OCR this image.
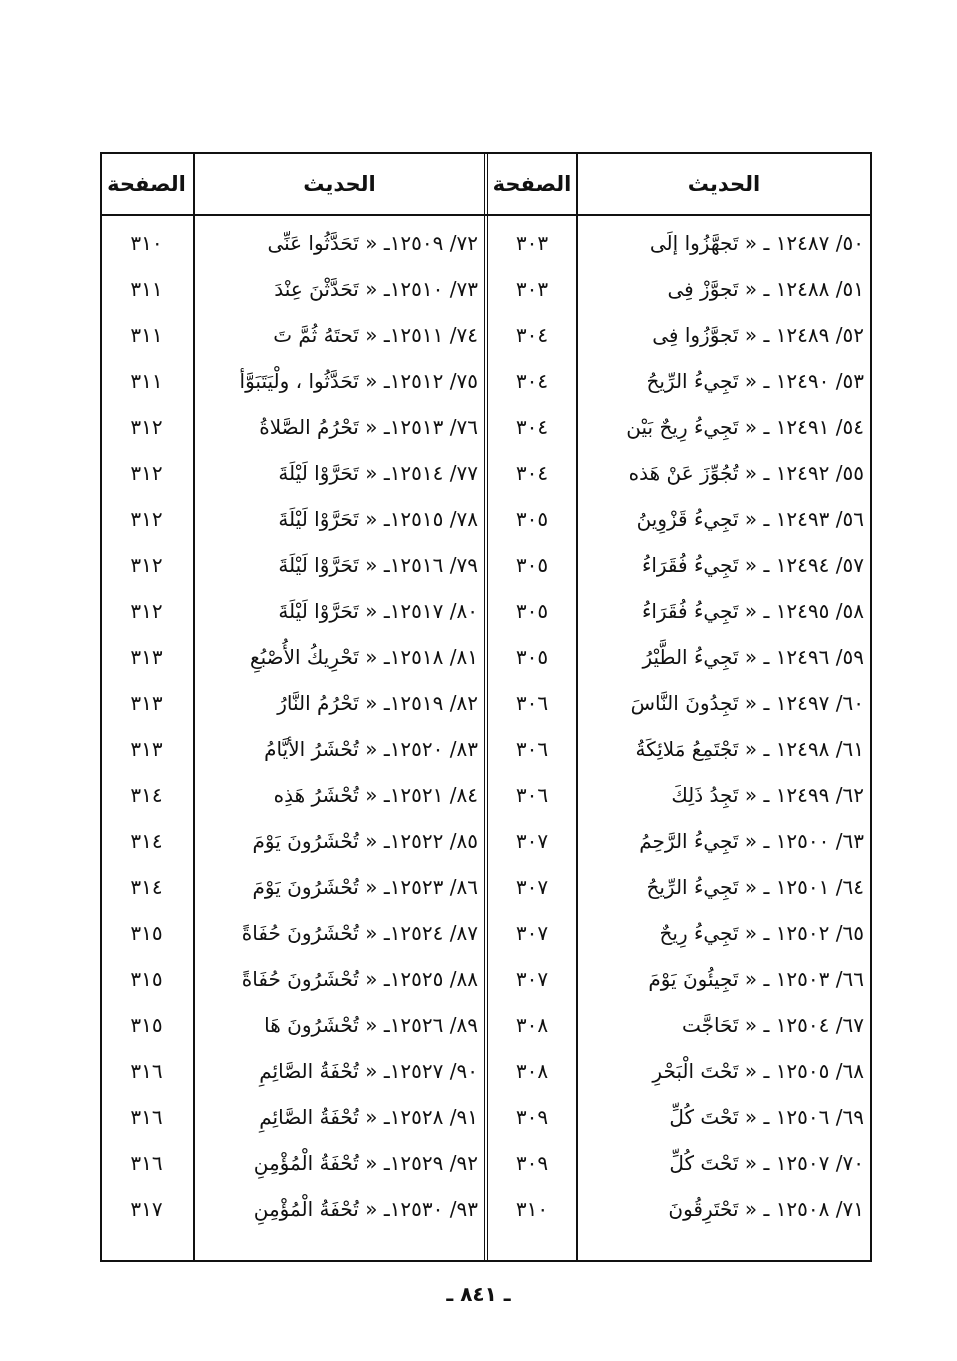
الحديث
الصفحة
الحديث
الصفحة
٥٠/ ١٢٤٨٧ ـ « تَجهَّزُوا إلَى
٣٠٣
٥١/ ١٢٤٨٨ ـ « تَجوَّزْ فِى
٣٠٣
٥٢/ ١٢٤٨٩ ـ « تَجوَّزُوا فِى
٣٠٤
٥٣/ ١٢٤٩٠ ـ « تَجِيءُ الرِّيحُ
٣٠٤
٥٤/ ١٢٤٩١ ـ « تَجِيءُ رِيحٌ بَيْن
٣٠٤
٥٥/ ١٢٤٩٢ ـ « تُجُوِّزَ عَنْ هَذه
٣٠٤
٥٦/ ١٢٤٩٣ ـ « تَجِيءُ قَزْوِينُ
٣٠٥
٥٧/ ١٢٤٩٤ ـ « تَجِيءُ فُقَرَاءُ
٣٠٥
٥٨/ ١٢٤٩٥ ـ « تَجِيءُ فُقَرَاءُ
٣٠٥
٥٩/ ١٢٤٩٦ ـ « تَجِيءُ الطَّيْرُ
٣٠٥
٦٠/ ١٢٤٩٧ ـ « تَجِدُونَ النَّاسَ
٣٠٦
٦١/ ١٢٤٩٨ ـ « تَجْتَمِعُ مَلائِكَةُ
٣٠٦
٦٢/ ١٢٤٩٩ ـ « تَجِدُ ذَلِكَ
٣٠٦
٦٣/ ١٢٥٠٠ ـ « تَجِيءُ الرَّحِمُ
٣٠٧
٦٤/ ١٢٥٠١ ـ « تَجِيءُ الرِّيحُ
٣٠٧
٦٥/ ١٢٥٠٢ ـ « تَجِيءُ رِيحٌ
٣٠٧
٦٦/ ١٢٥٠٣ ـ « تَجِيئُونَ يَوْمَ
٣٠٧
٦٧/ ١٢٥٠٤ ـ « تَحَاجَّت
٣٠٨
٦٨/ ١٢٥٠٥ ـ « تَحْتَ الْبَحْرِ
٣٠٨
٦٩/ ١٢٥٠٦ ـ « تَحْتَ كُلِّ
٣٠٩
٧٠/ ١٢٥٠٧ ـ « تَحْتَ كُلِّ
٣٠٩
٧١/ ١٢٥٠٨ ـ « تَحْتَرِقُونَ
٣١٠
٧٢/ ١٢٥٠٩ـ « تَحَدَّثُوا عَنِّى
٣١٠
٧٣/ ١٢٥١٠ـ « تَحَدَّثْنَ عِنْدَ
٣١١
٧٤/ ١٢٥١١ـ « تَحتَهُ ثُمَّ تَ
٣١١
٧٥/ ١٢٥١٢ـ « تَحَدَّثُوا ، ولْيَتَبَوَّأ
٣١١
٧٦/ ١٢٥١٣ـ « تَحْرُمُ الصَّلاةُ
٣١٢
٧٧/ ١٢٥١٤ـ « تَحَرَّوْا لَيْلَةَ
٣١٢
٧٨/ ١٢٥١٥ـ « تَحَرَّوْا لَيْلَةَ
٣١٢
٧٩/ ١٢٥١٦ـ « تَحَرَّوْا لَيْلَةَ
٣١٢
٨٠/ ١٢٥١٧ـ « تَحَرَّوْا لَيْلَةَ
٣١٢
٨١/ ١٢٥١٨ـ « تَحْرِيكُ الأُصْبُعِ
٣١٣
٨٢/ ١٢٥١٩ـ « تَحْرُمُ النَّارُ
٣١٣
٨٣/ ١٢٥٢٠ـ « تُحْشَرُ الأيَّامُ
٣١٣
٨٤/ ١٢٥٢١ـ « تُحْشَرُ هَذِه
٣١٤
٨٥/ ١٢٥٢٢ـ « تُحْشَرُونَ يَوْمَ
٣١٤
٨٦/ ١٢٥٢٣ـ « تُحْشَرُونَ يَوْمَ
٣١٤
٨٧/ ١٢٥٢٤ـ « تُحْشَرُونَ حُفَاةً
٣١٥
٨٨/ ١٢٥٢٥ـ « تُحْشَرُونَ حُفَاةً
٣١٥
٨٩/ ١٢٥٢٦ـ « تُحْشَرُونَ هَا
٣١٥
٩٠/ ١٢٥٢٧ـ « تُحْفَةُ الصَّائِمِ
٣١٦
٩١/ ١٢٥٢٨ـ « تُحْفَةُ الصَّائِمِ
٣١٦
٩٢/ ١٢٥٢٩ـ « تُحْفَةُ الْمُؤْمِنِ
٣١٦
٩٣/ ١٢٥٣٠ـ « تُحْفَةُ الْمُؤْمِنِ
٣١٧
ـ ٨٤١ ـ
